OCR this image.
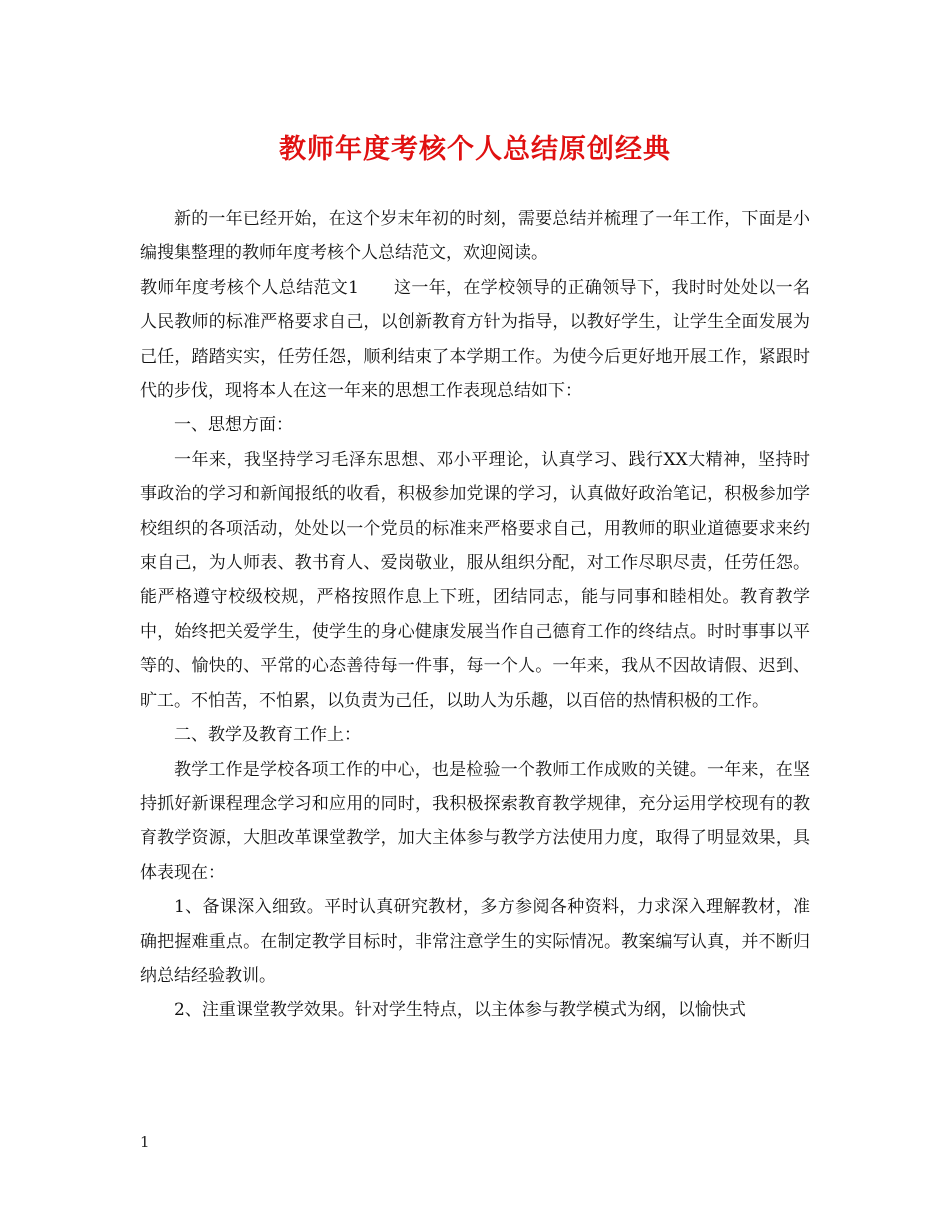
教师年度考核个人总结原创经典

新的一年已经开始，在这个岁末年初的时刻，需要总结并梳理了一年工作，下面是小编搜集整理的教师年度考核个人总结范文，欢迎阅读。

教师年度考核个人总结范文1　　这一年，在学校领导的正确领导下，我时时处处以一名人民教师的标准严格要求自己，以创新教育方针为指导，以教好学生，让学生全面发展为己任，踏踏实实，任劳任怨，顺利结束了本学期工作。为使今后更好地开展工作，紧跟时代的步伐，现将本人在这一年来的思想工作表现总结如下：

一、思想方面：

一年来，我坚持学习毛泽东思想、邓小平理论，认真学习、践行XX大精神，坚持时事政治的学习和新闻报纸的收看，积极参加党课的学习，认真做好政治笔记，积极参加学校组织的各项活动，处处以一个党员的标准来严格要求自己，用教师的职业道德要求来约束自己，为人师表、教书育人、爱岗敬业，服从组织分配，对工作尽职尽责，任劳任怨。能严格遵守校级校规，严格按照作息上下班，团结同志，能与同事和睦相处。教育教学中，始终把关爱学生，使学生的身心健康发展当作自己德育工作的终结点。时时事事以平等的、愉快的、平常的心态善待每一件事，每一个人。一年来，我从不因故请假、迟到、旷工。不怕苦，不怕累，以负责为己任，以助人为乐趣，以百倍的热情积极的工作。

二、教学及教育工作上：

教学工作是学校各项工作的中心，也是检验一个教师工作成败的关键。一年来，在坚持抓好新课程理念学习和应用的同时，我积极探索教育教学规律，充分运用学校现有的教育教学资源，大胆改革课堂教学，加大主体参与教学方法使用力度，取得了明显效果，具体表现在：

1、备课深入细致。平时认真研究教材，多方参阅各种资料，力求深入理解教材，准确把握难重点。在制定教学目标时，非常注意学生的实际情况。教案编写认真，并不断归纳总结经验教训。

2、注重课堂教学效果。针对学生特点，以主体参与教学模式为纲，以愉快式

1
